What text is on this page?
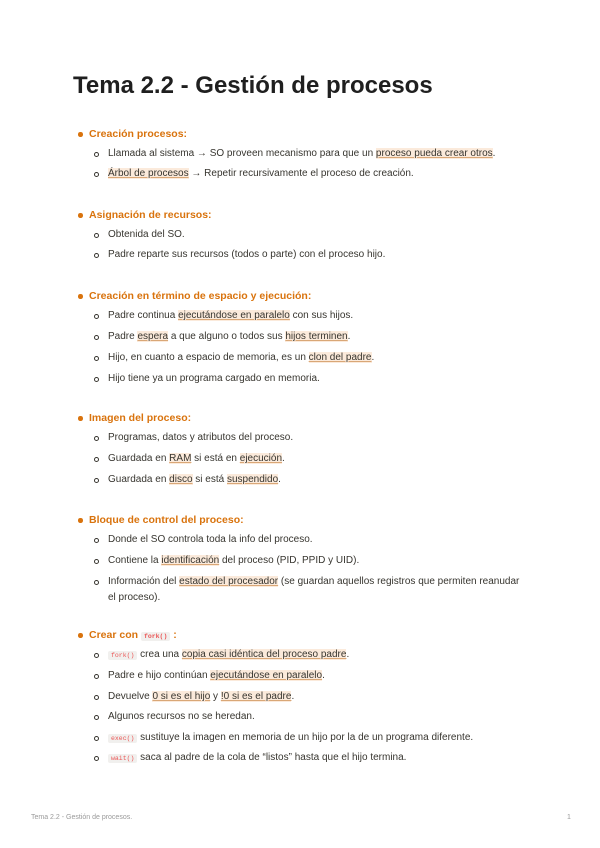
Tema 2.2 - Gestión de procesos
Creación procesos:
Llamada al sistema → SO proveen mecanismo para que un proceso pueda crear otros.
Árbol de procesos → Repetir recursivamente el proceso de creación.
Asignación de recursos:
Obtenida del SO.
Padre reparte sus recursos (todos o parte) con el proceso hijo.
Creación en término de espacio y ejecución:
Padre continua ejecutándose en paralelo con sus hijos.
Padre espera a que alguno o todos sus hijos terminen.
Hijo, en cuanto a espacio de memoria, es un clon del padre.
Hijo tiene ya un programa cargado en memoria.
Imagen del proceso:
Programas, datos y atributos del proceso.
Guardada en RAM si está en ejecución.
Guardada en disco si está suspendido.
Bloque de control del proceso:
Donde el SO controla toda la info del proceso.
Contiene la identificación del proceso (PID, PPID y UID).
Información del estado del procesador (se guardan aquellos registros que permiten reanudar el proceso).
Crear con fork() :
fork() crea una copia casi idéntica del proceso padre.
Padre e hijo continúan ejecutándose en paralelo.
Devuelve 0 si es el hijo y !0 si es el padre.
Algunos recursos no se heredan.
exec() sustituye la imagen en memoria de un hijo por la de un programa diferente.
wait() saca al padre de la cola de “listos” hasta que el hijo termina.
Tema 2.2 - Gestión de procesos.	1
